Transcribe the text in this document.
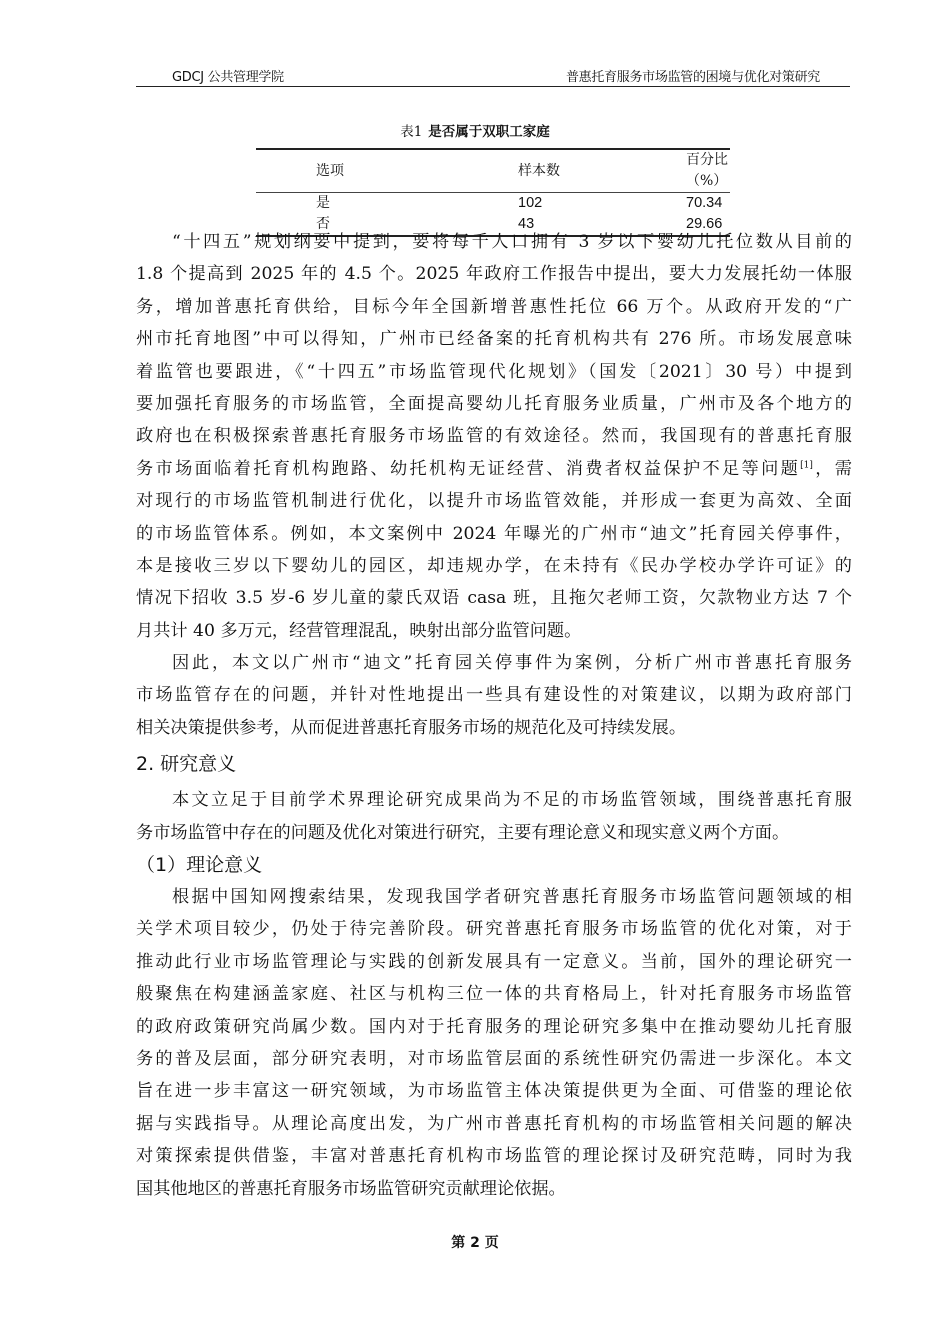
GDCJ 公共管理学院	普惠托育服务市场监管的困境与优化对策研究
表1 是否属于双职工家庭
选项	样本数	百分比（%）
是	102	70.34
否	43	29.66
“十四五”规划纲要中提到，要将每千人口拥有 3 岁以下婴幼儿托位数从目前的
1.8 个提高到 2025 年的 4.5 个。2025 年政府工作报告中提出，要大力发展托幼一体服
务，增加普惠托育供给，目标今年全国新增普惠性托位 66 万个。从政府开发的“广
州市托育地图”中可以得知，广州市已经备案的托育机构共有 276 所。市场发展意味
着监管也要跟进，《“十四五”市场监管现代化规划》（国发〔2021〕30 号）中提到
要加强托育服务的市场监管，全面提高婴幼儿托育服务业质量，广州市及各个地方的
政府也在积极探索普惠托育服务市场监管的有效途径。然而，我国现有的普惠托育服
务市场面临着托育机构跑路、幼托机构无证经营、消费者权益保护不足等问题[1]，需
对现行的市场监管机制进行优化，以提升市场监管效能，并形成一套更为高效、全面
的市场监管体系。例如，本文案例中 2024 年曝光的广州市“迪文”托育园关停事件，
本是接收三岁以下婴幼儿的园区，却违规办学，在未持有《民办学校办学许可证》的
情况下招收 3.5 岁-6 岁儿童的蒙氏双语 casa 班，且拖欠老师工资，欠款物业方达 7 个
月共计 40 多万元，经营管理混乱，映射出部分监管问题。
因此，本文以广州市“迪文”托育园关停事件为案例，分析广州市普惠托育服务
市场监管存在的问题，并针对性地提出一些具有建设性的对策建议，以期为政府部门
相关决策提供参考，从而促进普惠托育服务市场的规范化及可持续发展。
2. 研究意义
本文立足于目前学术界理论研究成果尚为不足的市场监管领域，围绕普惠托育服
务市场监管中存在的问题及优化对策进行研究，主要有理论意义和现实意义两个方面。
（1）理论意义
根据中国知网搜索结果，发现我国学者研究普惠托育服务市场监管问题领域的相
关学术项目较少，仍处于待完善阶段。研究普惠托育服务市场监管的优化对策，对于
推动此行业市场监管理论与实践的创新发展具有一定意义。当前，国外的理论研究一
般聚焦在构建涵盖家庭、社区与机构三位一体的共育格局上，针对托育服务市场监管
的政府政策研究尚属少数。国内对于托育服务的理论研究多集中在推动婴幼儿托育服
务的普及层面，部分研究表明，对市场监管层面的系统性研究仍需进一步深化。本文
旨在进一步丰富这一研究领域，为市场监管主体决策提供更为全面、可借鉴的理论依
据与实践指导。从理论高度出发，为广州市普惠托育机构的市场监管相关问题的解决
对策探索提供借鉴，丰富对普惠托育机构市场监管的理论探讨及研究范畴，同时为我
国其他地区的普惠托育服务市场监管研究贡献理论依据。
第 2 页
